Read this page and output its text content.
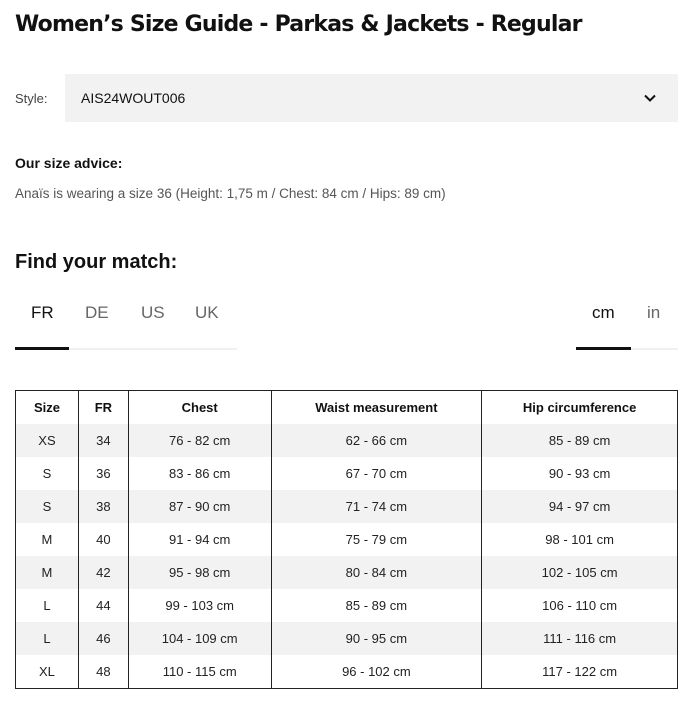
Women’s Size Guide - Parkas & Jackets - Regular
Style: AIS24WOUT006
Our size advice:
Anaïs is wearing a size 36 (Height: 1,75 m / Chest: 84 cm / Hips: 89 cm)
Find your match:
FR DE US UK	cm in
Size	FR	Chest	Waist measurement	Hip circumference
XS	34	76 - 82 cm	62 - 66 cm	85 - 89 cm
S	36	83 - 86 cm	67 - 70 cm	90 - 93 cm
S	38	87 - 90 cm	71 - 74 cm	94 - 97 cm
M	40	91 - 94 cm	75 - 79 cm	98 - 101 cm
M	42	95 - 98 cm	80 - 84 cm	102 - 105 cm
L	44	99 - 103 cm	85 - 89 cm	106 - 110 cm
L	46	104 - 109 cm	90 - 95 cm	111 - 116 cm
XL	48	110 - 115 cm	96 - 102 cm	117 - 122 cm
